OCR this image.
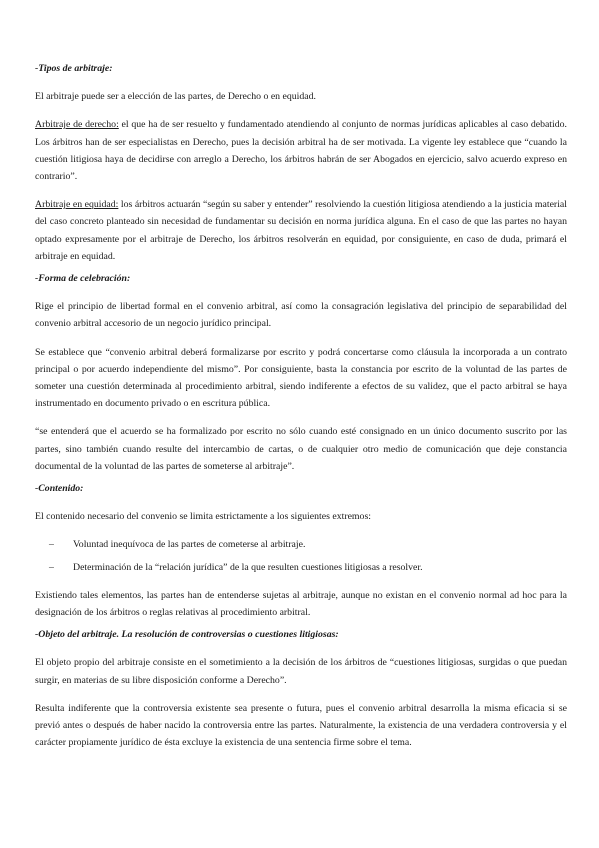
-Tipos de arbitraje:

El arbitraje puede ser a elección de las partes, de Derecho o en equidad.

Arbitraje de derecho: el que ha de ser resuelto y fundamentado atendiendo al conjunto de normas jurídicas aplicables al caso debatido. Los árbitros han de ser especialistas en Derecho, pues la decisión arbitral ha de ser motivada. La vigente ley establece que “cuando la cuestión litigiosa haya de decidirse con arreglo a Derecho, los árbitros habrán de ser Abogados en ejercicio, salvo acuerdo expreso en contrario”.

Arbitraje en equidad: los árbitros actuarán “según su saber y entender” resolviendo la cuestión litigiosa atendiendo a la justicia material del caso concreto planteado sin necesidad de fundamentar su decisión en norma jurídica alguna. En el caso de que las partes no hayan optado expresamente por el arbitraje de Derecho, los árbitros resolverán en equidad, por consiguiente, en caso de duda, primará el arbitraje en equidad.

-Forma de celebración:

Rige el principio de libertad formal en el convenio arbitral, así como la consagración legislativa del principio de separabilidad del convenio arbitral accesorio de un negocio jurídico principal.

Se establece que “convenio arbitral deberá formalizarse por escrito y podrá concertarse como cláusula la incorporada a un contrato principal o por acuerdo independiente del mismo”. Por consiguiente, basta la constancia por escrito de la voluntad de las partes de someter una cuestión determinada al procedimiento arbitral, siendo indiferente a efectos de su validez, que el pacto arbitral se haya instrumentado en documento privado o en escritura pública.

“se entenderá que el acuerdo se ha formalizado por escrito no sólo cuando esté consignado en un único documento suscrito por las partes, sino también cuando resulte del intercambio de cartas, o de cualquier otro medio de comunicación que deje constancia documental de la voluntad de las partes de someterse al arbitraje”.

-Contenido:

El contenido necesario del convenio se limita estrictamente a los siguientes extremos:

– Voluntad inequívoca de las partes de cometerse al arbitraje.
– Determinación de la “relación jurídica” de la que resulten cuestiones litigiosas a resolver.

Existiendo tales elementos, las partes han de entenderse sujetas al arbitraje, aunque no existan en el convenio normal ad hoc para la designación de los árbitros o reglas relativas al procedimiento arbitral.

-Objeto del arbitraje. La resolución de controversias o cuestiones litigiosas:

El objeto propio del arbitraje consiste en el sometimiento a la decisión de los árbitros de “cuestiones litigiosas, surgidas o que puedan surgir, en materias de su libre disposición conforme a Derecho”.

Resulta indiferente que la controversia existente sea presente o futura, pues el convenio arbitral desarrolla la misma eficacia si se previó antes o después de haber nacido la controversia entre las partes. Naturalmente, la existencia de una verdadera controversia y el carácter propiamente jurídico de ésta excluye la existencia de una sentencia firme sobre el tema.
